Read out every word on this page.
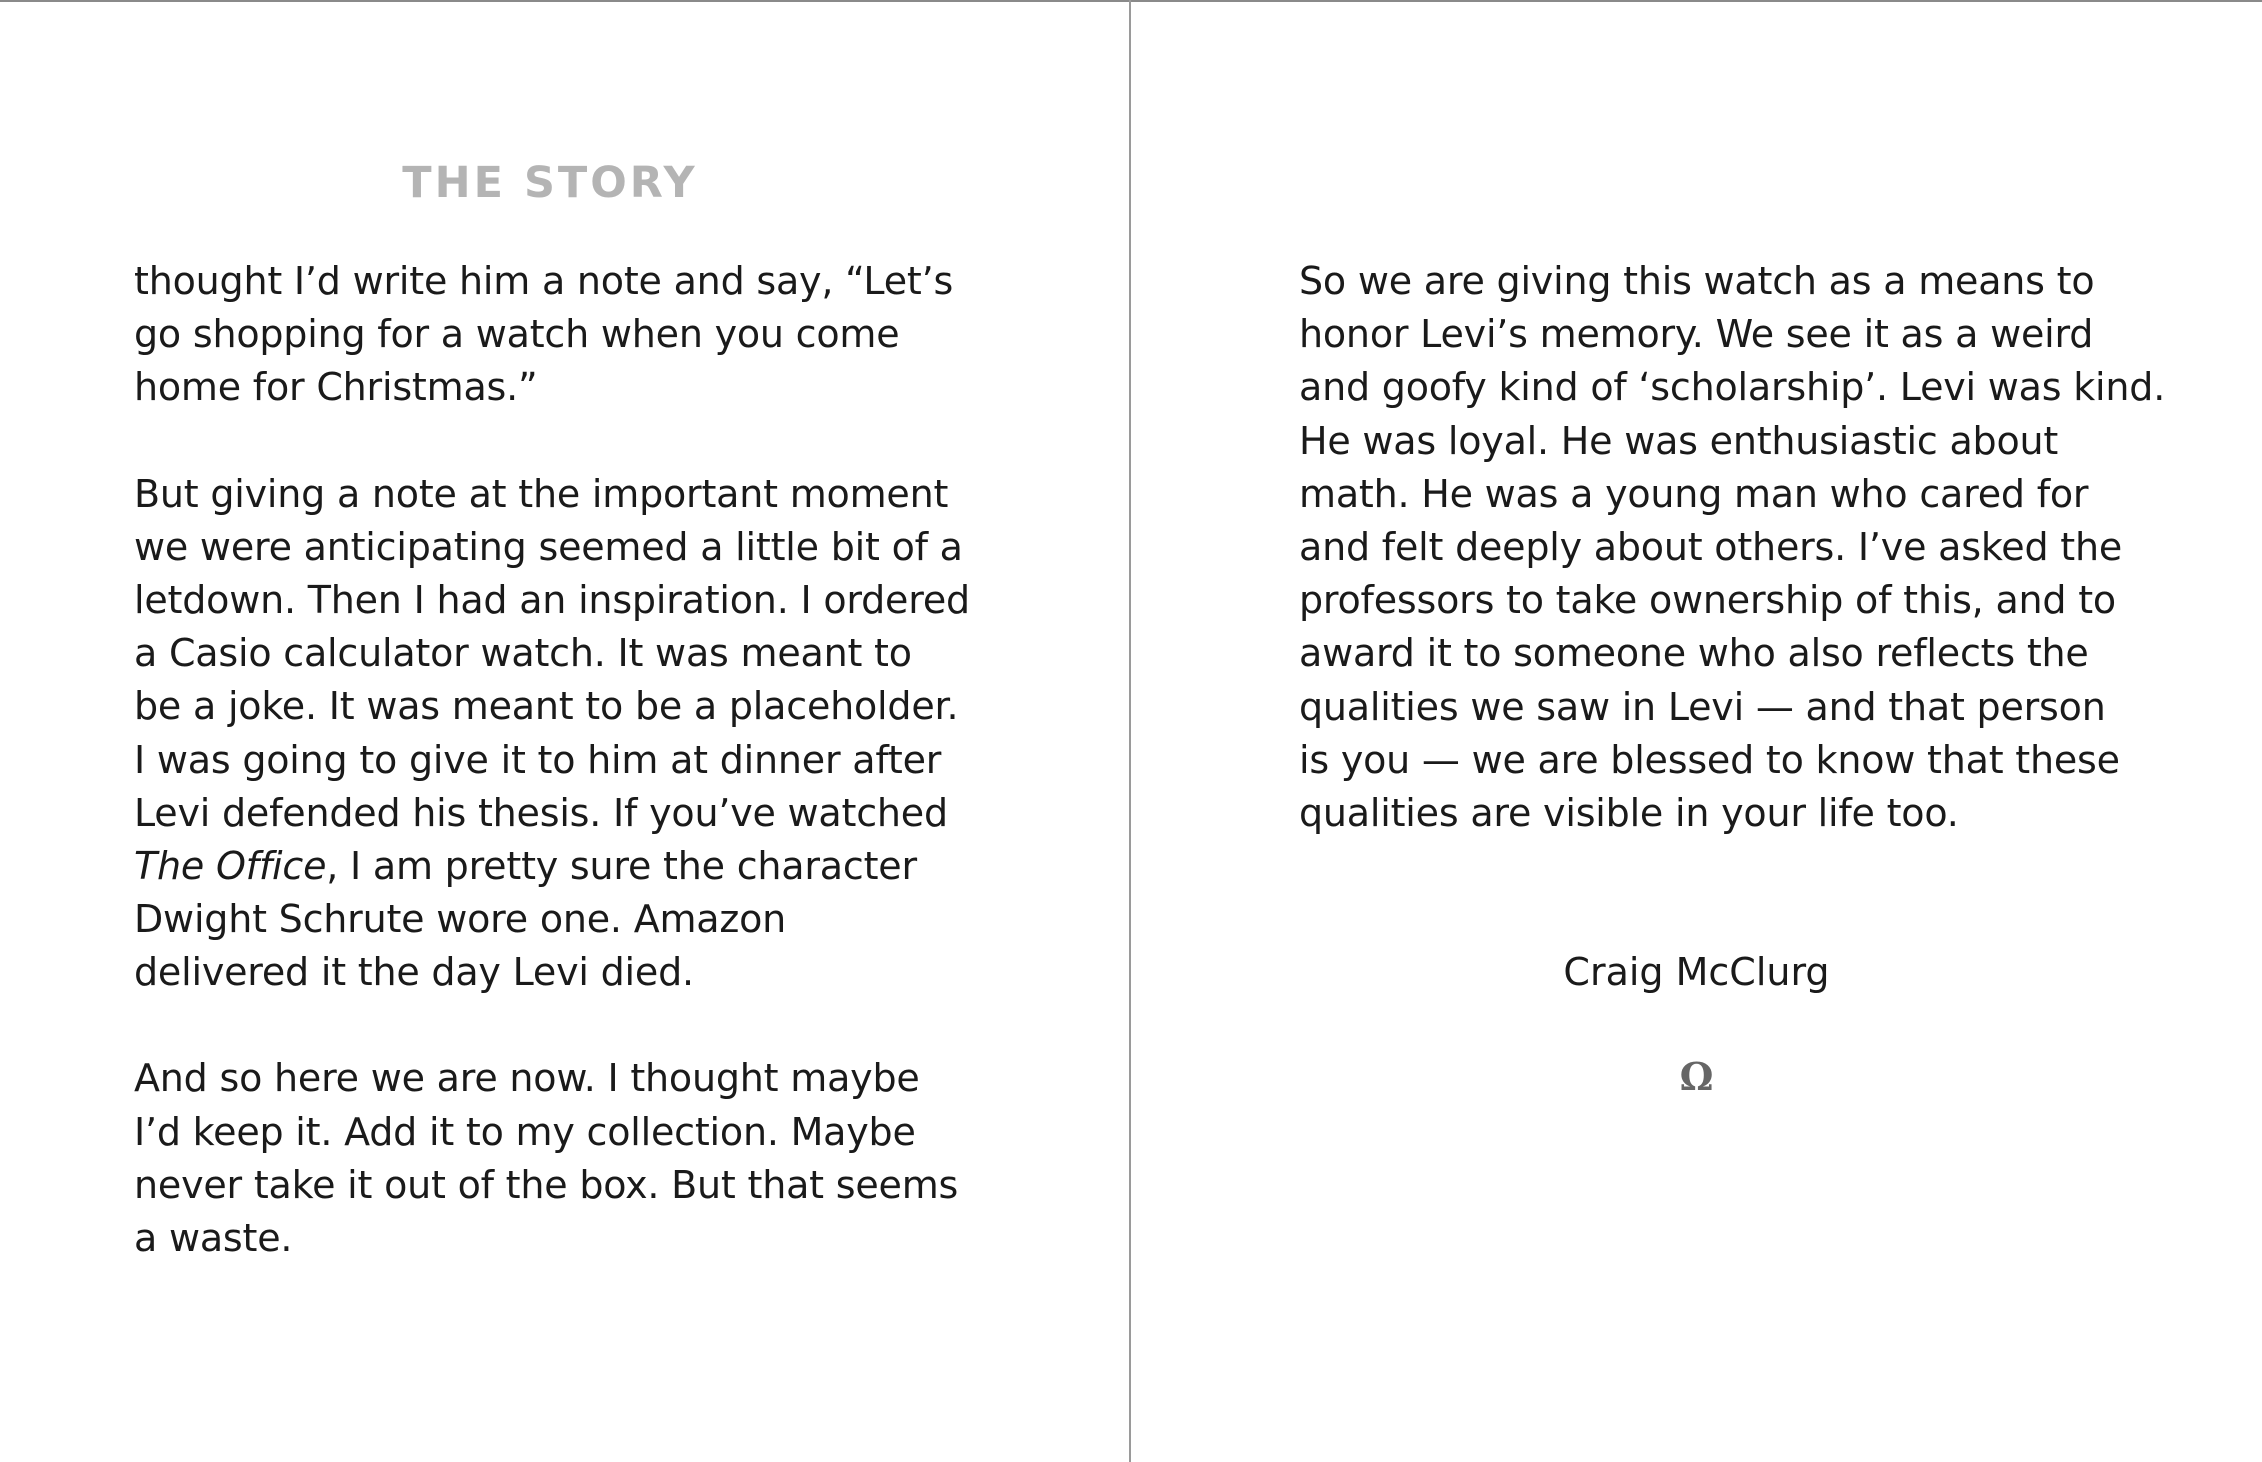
THE STORY
thought I’d write him a note and say, “Let’s
go shopping for a watch when you come
home for Christmas.”
But giving a note at the important moment
we were anticipating seemed a little bit of a
letdown. Then I had an inspiration. I ordered
a Casio calculator watch. It was meant to
be a joke. It was meant to be a placeholder.
I was going to give it to him at dinner after
Levi defended his thesis. If you’ve watched
The Office, I am pretty sure the character
Dwight Schrute wore one. Amazon
delivered it the day Levi died.
And so here we are now. I thought maybe
I’d keep it. Add it to my collection. Maybe
never take it out of the box. But that seems
a waste.
So we are giving this watch as a means to
honor Levi’s memory. We see it as a weird
and goofy kind of ‘scholarship’. Levi was kind.
He was loyal. He was enthusiastic about
math. He was a young man who cared for
and felt deeply about others. I’ve asked the
professors to take ownership of this, and to
award it to someone who also reflects the
qualities we saw in Levi — and that person
is you — we are blessed to know that these
qualities are visible in your life too.
Craig McClurg
Ω
